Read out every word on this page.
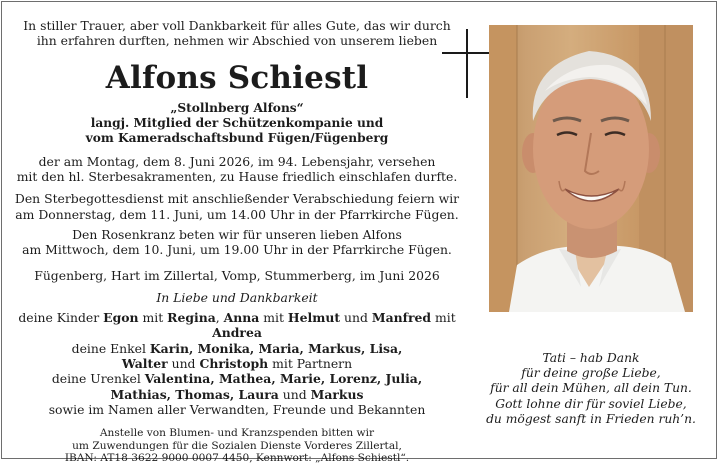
In stiller Trauer, aber voll Dankbarkeit für alles Gute, das wir durch
ihn erfahren durften, nehmen wir Abschied von unserem lieben
Alfons Schiestl
„Stollnberg Alfons“
langj. Mitglied der Schützenkompanie und
vom Kameradschaftsbund Fügen/Fügenberg
der am Montag, dem 8. Juni 2026, im 94. Lebensjahr, versehen
mit den hl. Sterbesakramenten, zu Hause friedlich einschlafen durfte.
Den Sterbegottesdienst mit anschließender Verabschiedung feiern wir
am Donnerstag, dem 11. Juni, um 14.00 Uhr in der Pfarrkirche Fügen.
Den Rosenkranz beten wir für unseren lieben Alfons
am Mittwoch, dem 10. Juni, um 19.00 Uhr in der Pfarrkirche Fügen.
Fügenberg, Hart im Zillertal, Vomp, Stummerberg, im Juni 2026
In Liebe und Dankbarkeit
deine Kinder Egon mit Regina, Anna mit Helmut und Manfred mit Andrea
deine Enkel Karin, Monika, Maria, Markus, Lisa,
Walter und Christoph mit Partnern
deine Urenkel Valentina, Mathea, Marie, Lorenz, Julia,
Mathias, Thomas, Laura und Markus
sowie im Namen aller Verwandten, Freunde und Bekannten
Anstelle von Blumen- und Kranzspenden bitten wir
um Zuwendungen für die Sozialen Dienste Vorderes Zillertal,
IBAN: AT18 3622 9000 0007 4450, Kennwort: „Alfons Schiestl“.
Tati – hab Dank
für deine große Liebe,
für all dein Mühen, all dein Tun.
Gott lohne dir für soviel Liebe,
du mögest sanft in Frieden ruh’n.
